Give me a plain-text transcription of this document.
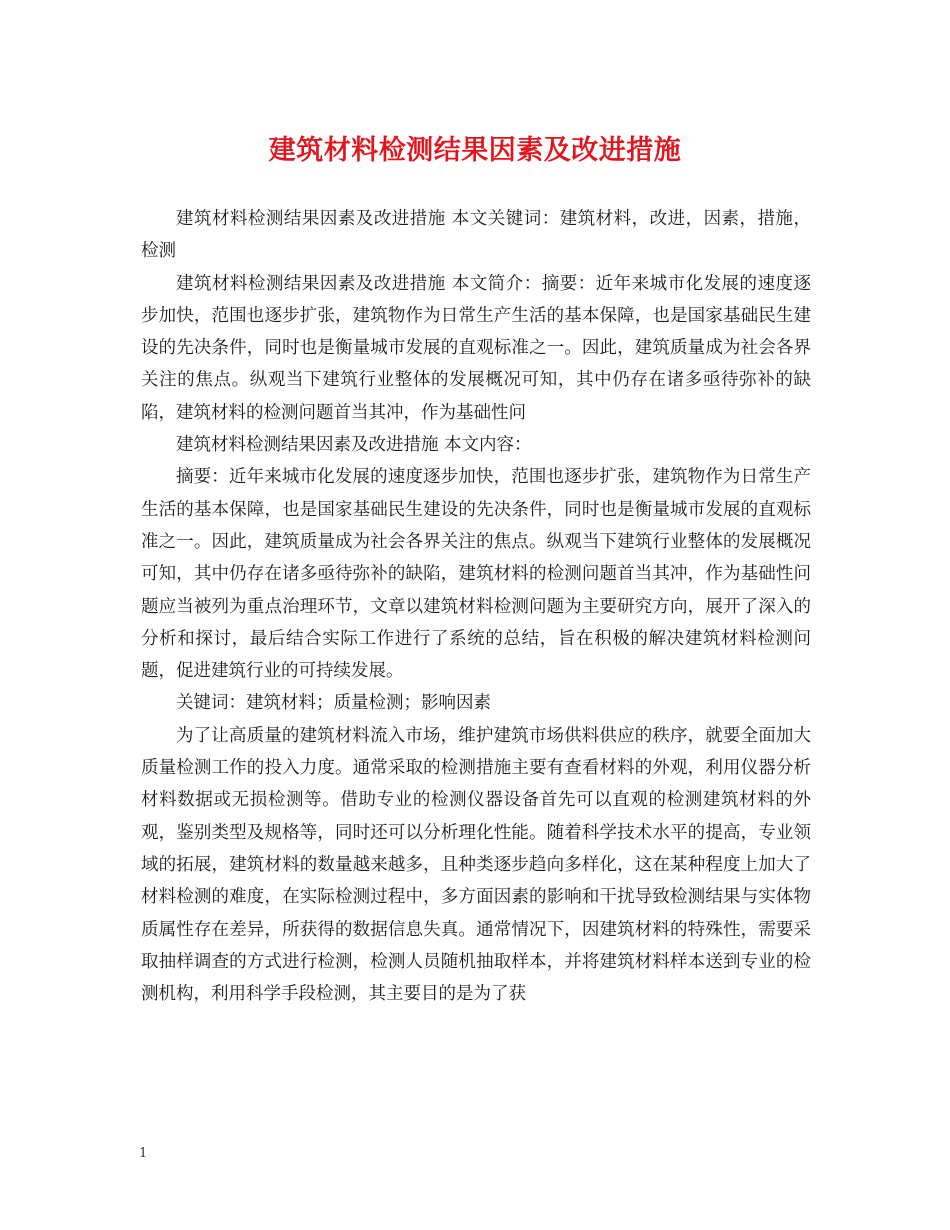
建筑材料检测结果因素及改进措施

建筑材料检测结果因素及改进措施 本文关键词：建筑材料，改进，因素，措施，检测

建筑材料检测结果因素及改进措施 本文简介：摘要：近年来城市化发展的速度逐步加快，范围也逐步扩张，建筑物作为日常生产生活的基本保障，也是国家基础民生建设的先决条件，同时也是衡量城市发展的直观标准之一。因此，建筑质量成为社会各界关注的焦点。纵观当下建筑行业整体的发展概况可知，其中仍存在诸多亟待弥补的缺陷，建筑材料的检测问题首当其冲，作为基础性问

建筑材料检测结果因素及改进措施 本文内容：

摘要：近年来城市化发展的速度逐步加快，范围也逐步扩张，建筑物作为日常生产生活的基本保障，也是国家基础民生建设的先决条件，同时也是衡量城市发展的直观标准之一。因此，建筑质量成为社会各界关注的焦点。纵观当下建筑行业整体的发展概况可知，其中仍存在诸多亟待弥补的缺陷，建筑材料的检测问题首当其冲，作为基础性问题应当被列为重点治理环节，文章以建筑材料检测问题为主要研究方向，展开了深入的分析和探讨，最后结合实际工作进行了系统的总结，旨在积极的解决建筑材料检测问题，促进建筑行业的可持续发展。

关键词：建筑材料；质量检测；影响因素

为了让高质量的建筑材料流入市场，维护建筑市场供料供应的秩序，就要全面加大质量检测工作的投入力度。通常采取的检测措施主要有查看材料的外观，利用仪器分析材料数据或无损检测等。借助专业的检测仪器设备首先可以直观的检测建筑材料的外观，鉴别类型及规格等，同时还可以分析理化性能。随着科学技术水平的提高，专业领域的拓展，建筑材料的数量越来越多，且种类逐步趋向多样化，这在某种程度上加大了材料检测的难度，在实际检测过程中，多方面因素的影响和干扰导致检测结果与实体物质属性存在差异，所获得的数据信息失真。通常情况下，因建筑材料的特殊性，需要采取抽样调查的方式进行检测，检测人员随机抽取样本，并将建筑材料样本送到专业的检测机构，利用科学手段检测，其主要目的是为了获

1
